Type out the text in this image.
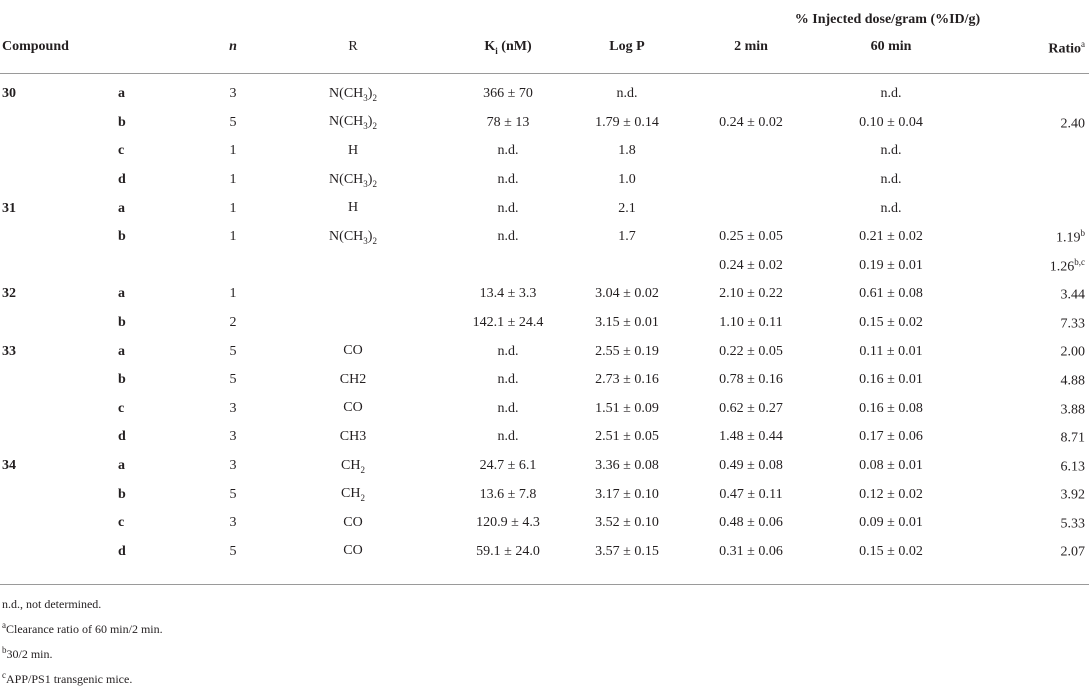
						% Injected dose/gram (%ID/g)		
Compound		n	R	$K_i$ (nM)	Log P	2 min	60 min	Ratio$^a$
30	a	3	$N(CH_3)_2$	366 ± 70	n.d.		n.d.	
	b	5	$N(CH_3)_2$	78 ± 13	1.79 ± 0.14	0.24 ± 0.02	0.10 ± 0.04	2.40
	c	1	H	n.d.	1.8		n.d.	
	d	1	$N(CH_3)_2$	n.d.	1.0		n.d.	
31	a	1	H	n.d.	2.1		n.d.	
	b	1	$N(CH_3)_2$	n.d.	1.7	0.25 ± 0.05	0.21 ± 0.02	1.19$^b$
						0.24 ± 0.02	0.19 ± 0.01	1.26$^{b,c}$
32	a	1		13.4 ± 3.3	3.04 ± 0.02	2.10 ± 0.22	0.61 ± 0.08	3.44
	b	2		142.1 ± 24.4	3.15 ± 0.01	1.10 ± 0.11	0.15 ± 0.02	7.33
33	a	5	CO	n.d.	2.55 ± 0.19	0.22 ± 0.05	0.11 ± 0.01	2.00
	b	5	CH2	n.d.	2.73 ± 0.16	0.78 ± 0.16	0.16 ± 0.01	4.88
	c	3	CO	n.d.	1.51 ± 0.09	0.62 ± 0.27	0.16 ± 0.08	3.88
	d	3	CH3	n.d.	2.51 ± 0.05	1.48 ± 0.44	0.17 ± 0.06	8.71
34	a	3	$CH_2$	24.7 ± 6.1	3.36 ± 0.08	0.49 ± 0.08	0.08 ± 0.01	6.13
	b	5	$CH_2$	13.6 ± 7.8	3.17 ± 0.10	0.47 ± 0.11	0.12 ± 0.02	3.92
	c	3	CO	120.9 ± 4.3	3.52 ± 0.10	0.48 ± 0.06	0.09 ± 0.01	5.33
	d	5	CO	59.1 ± 24.0	3.57 ± 0.15	0.31 ± 0.06	0.15 ± 0.02	2.07
n.d., not determined.
$^a$Clearance ratio of 60 min/2 min.
$^b$30/2 min.
$^c$APP/PS1 transgenic mice.
